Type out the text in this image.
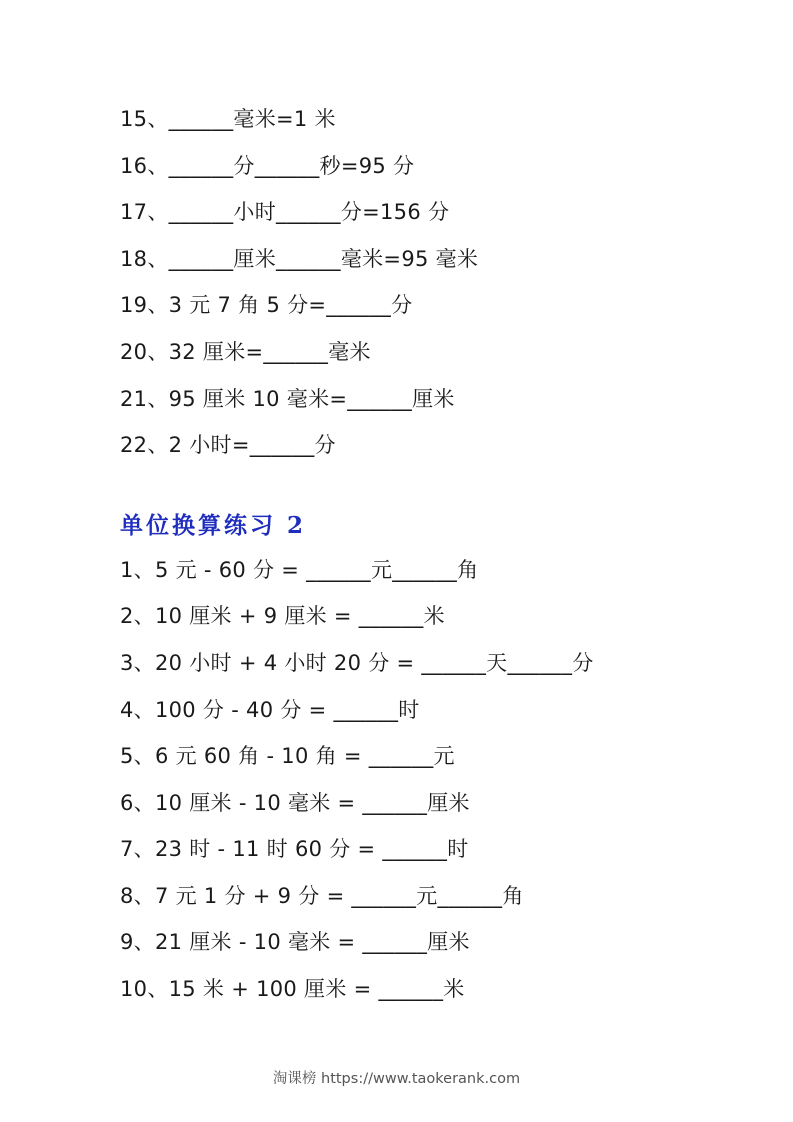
15、______毫米=1 米
16、______分______秒=95 分
17、______小时______分=156 分
18、______厘米______毫米=95 毫米
19、3 元 7 角 5 分=______分
20、32 厘米=______毫米
21、95 厘米 10 毫米=______厘米
22、2 小时=______分
单位换算练习 2
1、5 元 - 60 分 = ______元______角
2、10 厘米 + 9 厘米 = ______米
3、20 小时 + 4 小时 20 分 = ______天______分
4、100 分 - 40 分 = ______时
5、6 元 60 角 - 10 角 = ______元
6、10 厘米 - 10 毫米 = ______厘米
7、23 时 - 11 时 60 分 = ______时
8、7 元 1 分 + 9 分 = ______元______角
9、21 厘米 - 10 毫米 = ______厘米
10、15 米 + 100 厘米 = ______米
淘课榜 https://www.taokerank.com
